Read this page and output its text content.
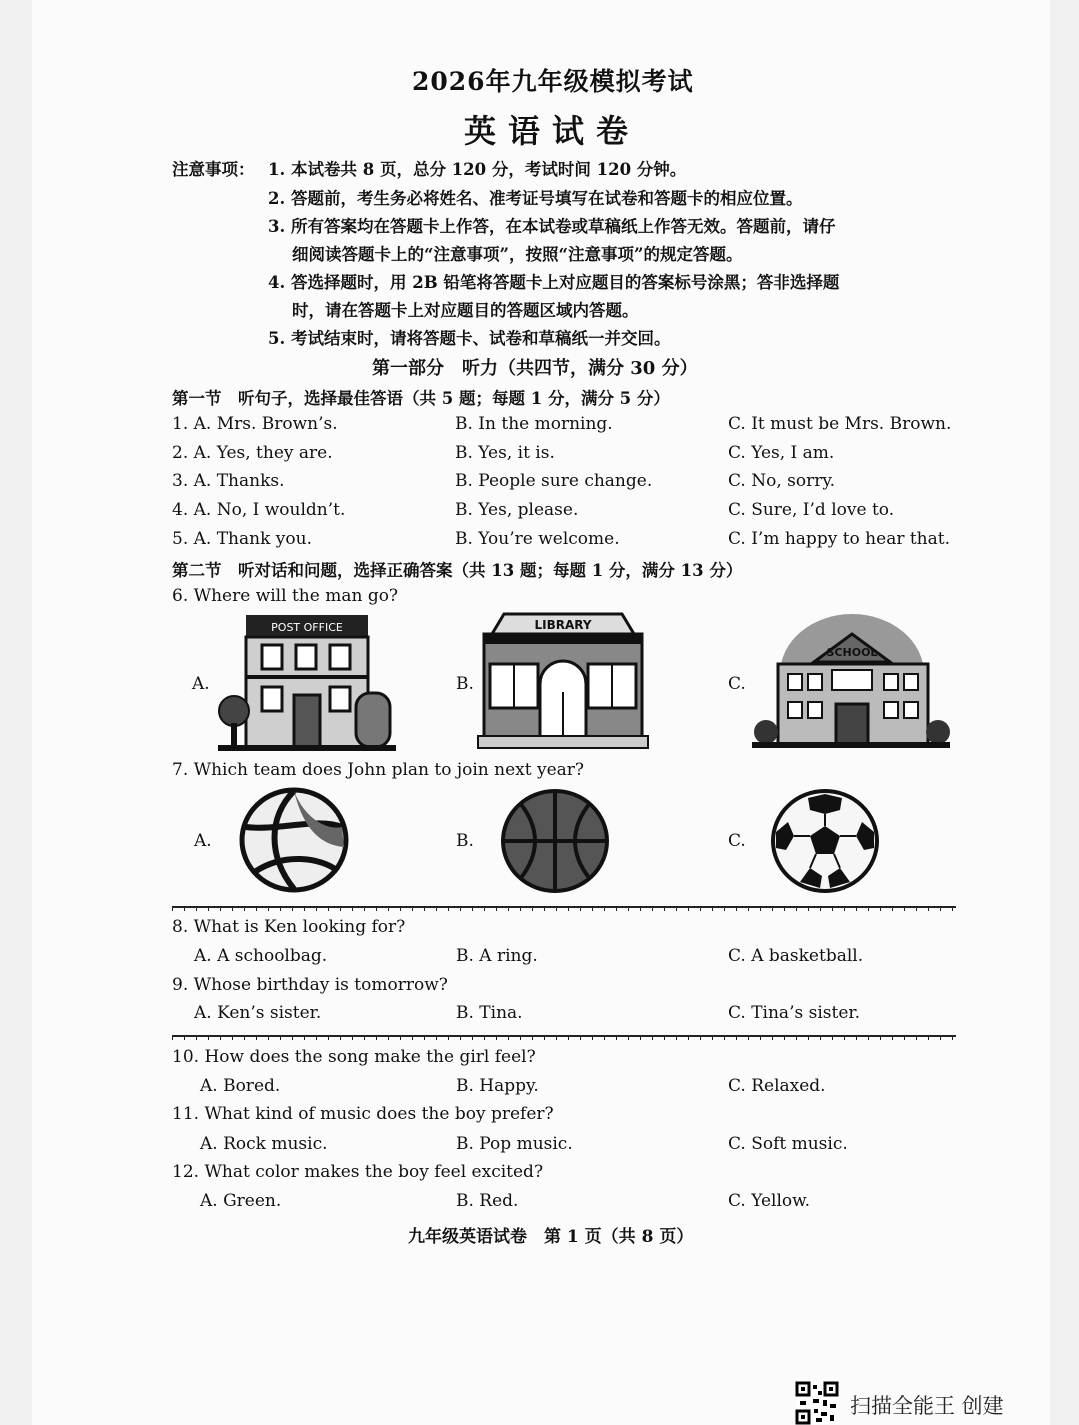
2026年九年级模拟考试
英语试卷
注意事项： 1. 本试卷共 8 页，总分 120 分，考试时间 120 分钟。
2. 答题前，考生务必将姓名、准考证号填写在试卷和答题卡的相应位置。
3. 所有答案均在答题卡上作答，在本试卷或草稿纸上作答无效。答题前，请仔
细阅读答题卡上的“注意事项”，按照“注意事项”的规定答题。
4. 答选择题时，用 2B 铅笔将答题卡上对应题目的答案标号涂黑；答非选择题
时，请在答题卡上对应题目的答题区域内答题。
5. 考试结束时，请将答题卡、试卷和草稿纸一并交回。
第一部分　听力（共四节，满分 30 分）
第一节　听句子，选择最佳答语（共 5 题；每题 1 分，满分 5 分）
1. A. Mrs. Brown’s.	B. In the morning.	C. It must be Mrs. Brown.
2. A. Yes, they are.	B. Yes, it is.	C. Yes, I am.
3. A. Thanks.	B. People sure change.	C. No, sorry.
4. A. No, I wouldn’t.	B. Yes, please.	C. Sure, I’d love to.
5. A. Thank you.	B. You’re welcome.	C. I’m happy to hear that.
第二节　听对话和问题，选择正确答案（共 13 题；每题 1 分，满分 13 分）
6. Where will the man go?
A.	B.	C.
POST OFFICE	LIBRARY
SCHOOL
7. Which team does John plan to join next year?
A.	B.	C.
8. What is Ken looking for?
A. A schoolbag.	B. A ring.	C. A basketball.
9. Whose birthday is tomorrow?
A. Ken’s sister.	B. Tina.	C. Tina’s sister.
10. How does the song make the girl feel?
A. Bored.	B. Happy.	C. Relaxed.
11. What kind of music does the boy prefer?
A. Rock music.	B. Pop music.	C. Soft music.
12. What color makes the boy feel excited?
A. Green.	B. Red.	C. Yellow.
九年级英语试卷　第 1 页（共 8 页）
扫描全能王 创建
